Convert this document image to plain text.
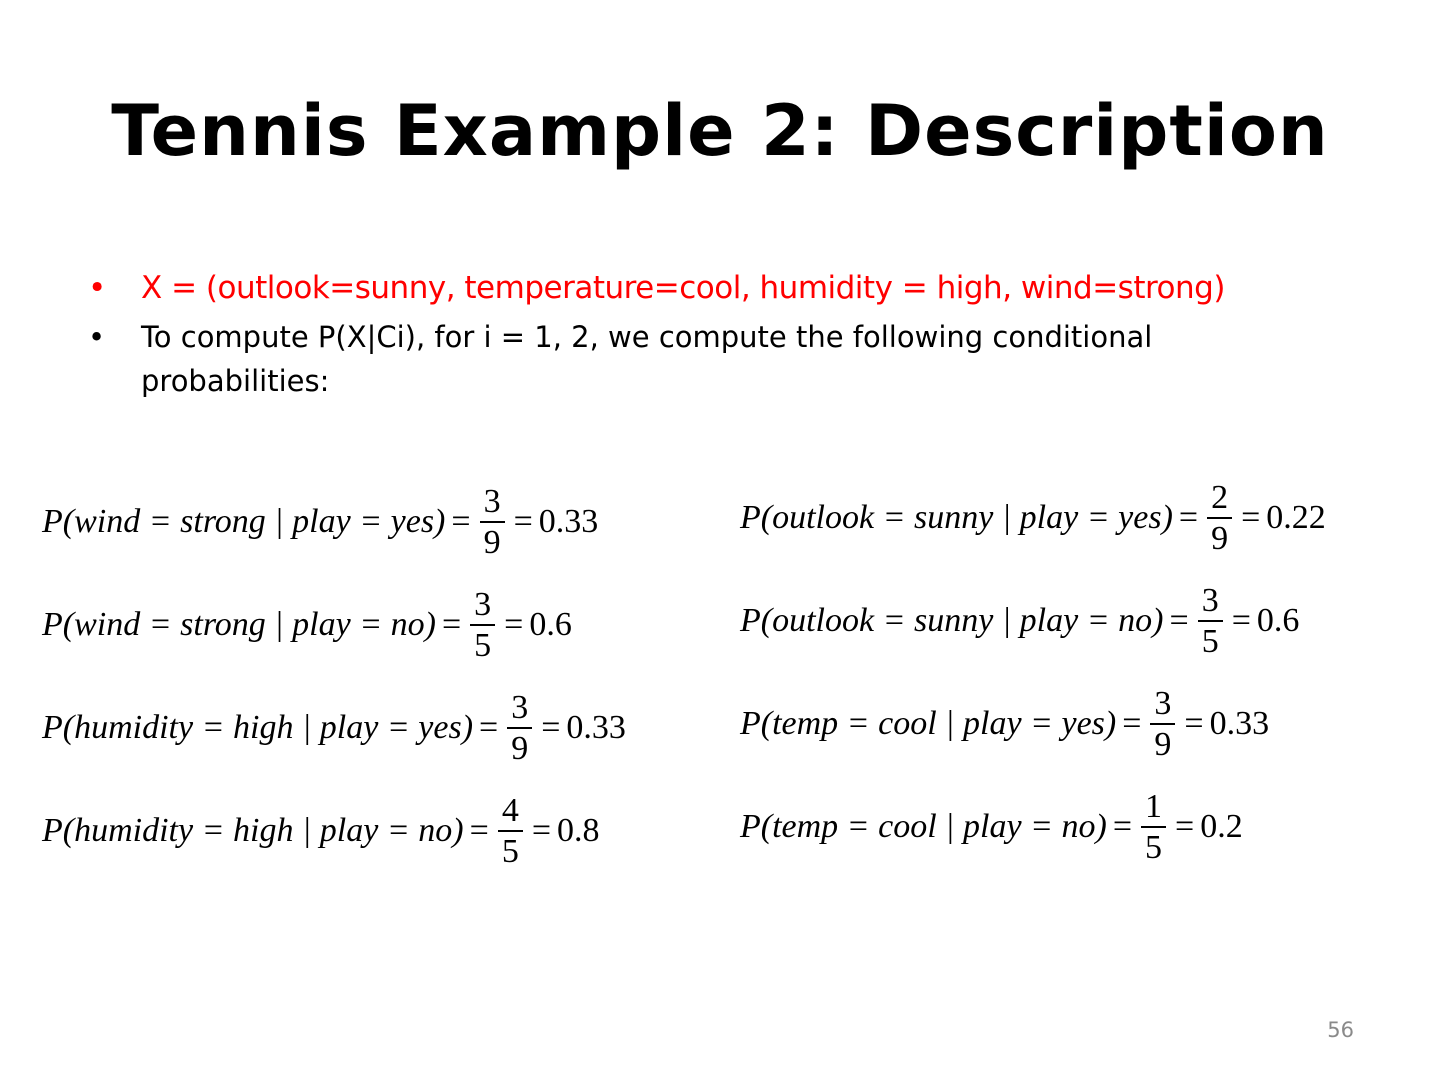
Tennis Example 2: Description
• X = (outlook=sunny, temperature=cool, humidity = high, wind=strong)
• To compute P(X|Ci), for i = 1, 2, we compute the following conditional probabilities:
P(wind = strong | play = $yes) = \frac{3}{9} = 0.33$
P(wind = strong | play = $no) = \frac{3}{5} = 0.6$
P(humidity = high | play = $yes) = \frac{3}{9} = 0.33$
P(humidity = high | play = $no) = \frac{4}{5} = 0.8$
P(outlook = sunny | play = $yes) = \frac{2}{9} = 0.22$
P(outlook = sunny | play = $no) = \frac{3}{5} = 0.6$
P(temp = cool | play = $yes) = \frac{3}{9} = 0.33$
P(temp = cool | play = $no) = \frac{1}{5} = 0.2$
56
